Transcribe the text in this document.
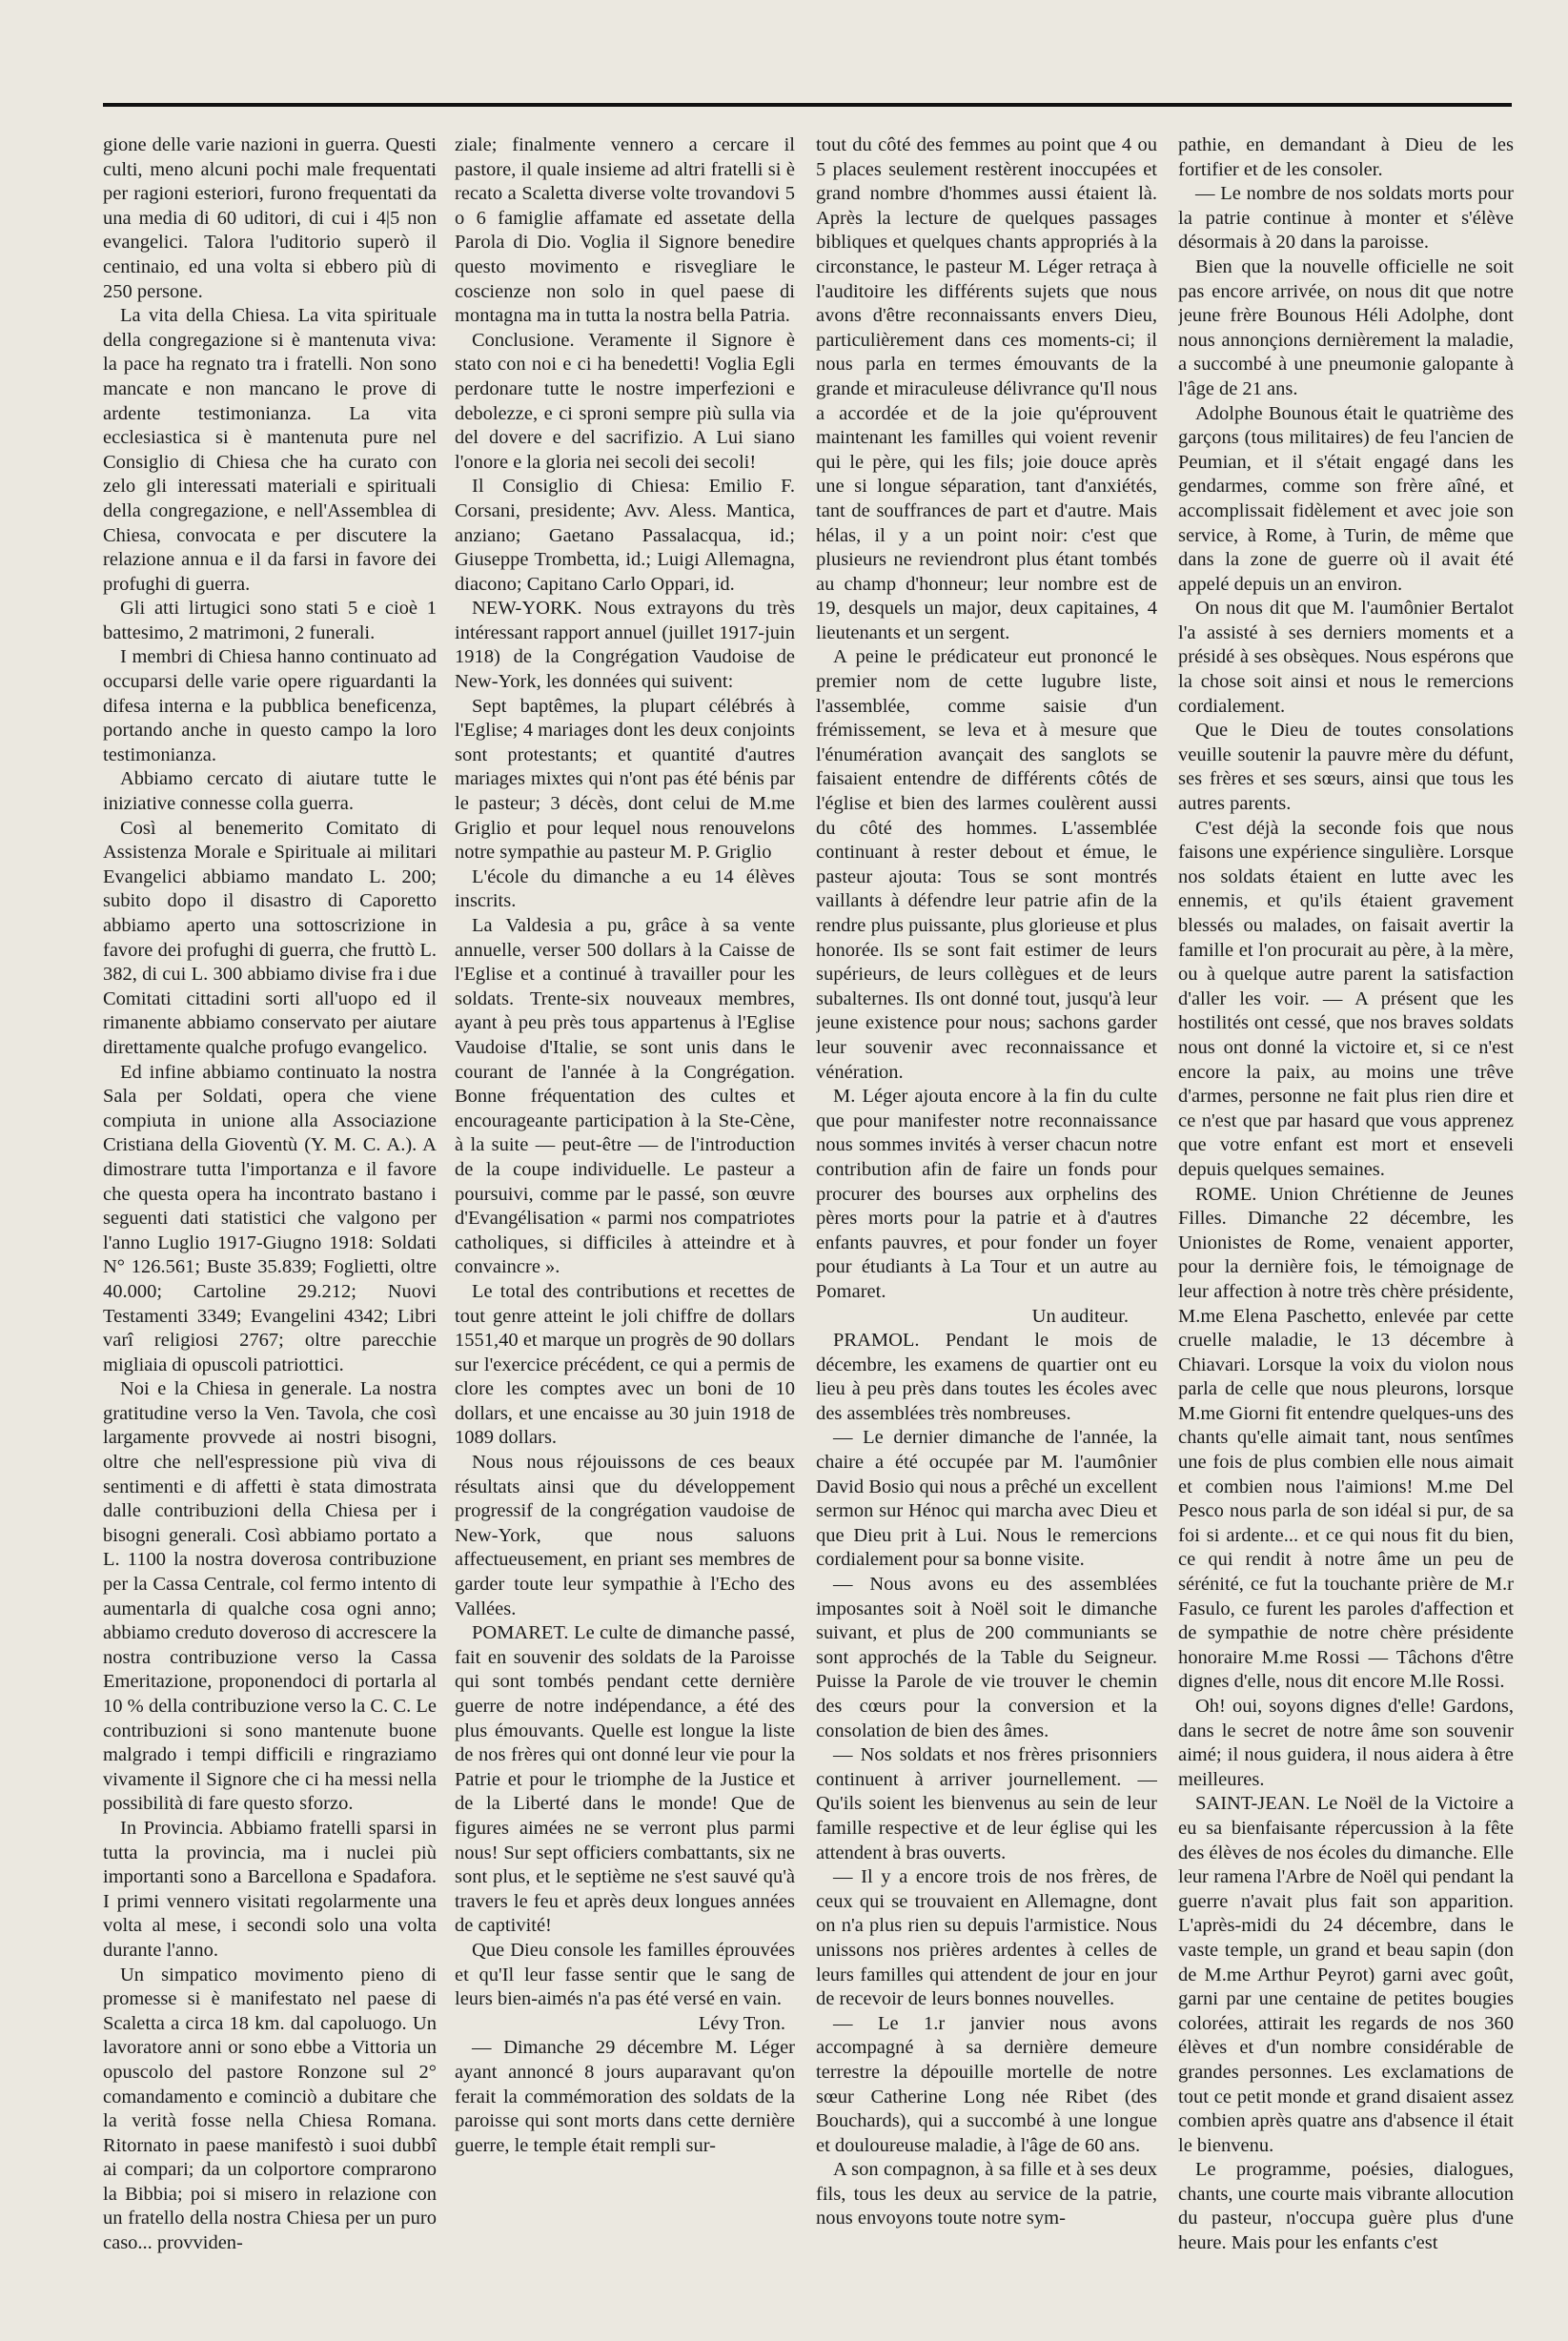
gione delle varie nazioni in guerra. Questi culti, meno alcuni pochi male frequentati per ragioni esteriori, furono frequentati da una media di 60 uditori, di cui i 4|5 non evangelici. Talora l'uditorio superò il centinaio, ed una volta si ebbero più di 250 persone.

La vita della Chiesa. La vita spirituale della congregazione si è mantenuta viva: la pace ha regnato tra i fratelli. Non sono mancate e non mancano le prove di ardente testimonianza. La vita ecclesiastica si è mantenuta pure nel Consiglio di Chiesa che ha curato con zelo gli interessati materiali e spirituali della congregazione, e nell'Assemblea di Chiesa, convocata e per discutere la relazione annua e il da farsi in favore dei profughi di guerra.

Gli atti lirtugici sono stati 5 e cioè 1 battesimo, 2 matrimoni, 2 funerali.

I membri di Chiesa hanno continuato ad occuparsi delle varie opere riguardanti la difesa interna e la pubblica beneficenza, portando anche in questo campo la loro testimonianza.

Abbiamo cercato di aiutare tutte le iniziative connesse colla guerra.

Così al benemerito Comitato di Assistenza Morale e Spirituale ai militari Evangelici abbiamo mandato L. 200; subito dopo il disastro di Caporetto abbiamo aperto una sottoscrizione in favore dei profughi di guerra, che fruttò L. 382, di cui L. 300 abbiamo divise fra i due Comitati cittadini sorti all'uopo ed il rimanente abbiamo conservato per aiutare direttamente qualche profugo evangelico.

Ed infine abbiamo continuato la nostra Sala per Soldati, opera che viene compiuta in unione alla Associazione Cristiana della Gioventù (Y. M. C. A.). A dimostrare tutta l'importanza e il favore che questa opera ha incontrato bastano i seguenti dati statistici che valgono per l'anno Luglio 1917-Giugno 1918: Soldati N° 126.561; Buste 35.839; Foglietti, oltre 40.000; Cartoline 29.212; Nuovi Testamenti 3349; Evangelini 4342; Libri varî religiosi 2767; oltre parecchie migliaia di opuscoli patriottici.

Noi e la Chiesa in generale. La nostra gratitudine verso la Ven. Tavola, che così largamente provvede ai nostri bisogni, oltre che nell'espressione più viva di sentimenti e di affetti è stata dimostrata dalle contribuzioni della Chiesa per i bisogni generali. Così abbiamo portato a L. 1100 la nostra doverosa contribuzione per la Cassa Centrale, col fermo intento di aumentarla di qualche cosa ogni anno; abbiamo creduto doveroso di accrescere la nostra contribuzione verso la Cassa Emeritazione, proponendoci di portarla al 10 % della contribuzione verso la C. C. Le contribuzioni si sono mantenute buone malgrado i tempi difficili e ringraziamo vivamente il Signore che ci ha messi nella possibilità di fare questo sforzo.

In Provincia. Abbiamo fratelli sparsi in tutta la provincia, ma i nuclei più importanti sono a Barcellona e Spadafora. I primi vennero visitati regolarmente una volta al mese, i secondi solo una volta durante l'anno.

Un simpatico movimento pieno di promesse si è manifestato nel paese di Scaletta a circa 18 km. dal capoluogo. Un lavoratore anni or sono ebbe a Vittoria un opuscolo del pastore Ronzone sul 2° comandamento e cominciò a dubitare che la verità fosse nella Chiesa Romana. Ritornato in paese manifestò i suoi dubbî ai compari; da un colportore comprarono la Bibbia; poi si misero in relazione con un fratello della nostra Chiesa per un puro caso... provviden-

ziale; finalmente vennero a cercare il pastore, il quale insieme ad altri fratelli si è recato a Scaletta diverse volte trovandovi 5 o 6 famiglie affamate ed assetate della Parola di Dio. Voglia il Signore benedire questo movimento e risvegliare le coscienze non solo in quel paese di montagna ma in tutta la nostra bella Patria.

Conclusione. Veramente il Signore è stato con noi e ci ha benedetti! Voglia Egli perdonare tutte le nostre imperfezioni e debolezze, e ci sproni sempre più sulla via del dovere e del sacrifizio. A Lui siano l'onore e la gloria nei secoli dei secoli!

Il Consiglio di Chiesa: Emilio F. Corsani, presidente; Avv. Aless. Mantica, anziano; Gaetano Passalacqua, id.; Giuseppe Trombetta, id.; Luigi Allemagna, diacono; Capitano Carlo Oppari, id.

NEW-YORK. Nous extrayons du très intéressant rapport annuel (juillet 1917-juin 1918) de la Congrégation Vaudoise de New-York, les données qui suivent:

Sept baptêmes, la plupart célébrés à l'Eglise; 4 mariages dont les deux conjoints sont protestants; et quantité d'autres mariages mixtes qui n'ont pas été bénis par le pasteur; 3 décès, dont celui de M.me Griglio et pour lequel nous renouvelons notre sympathie au pasteur M. P. Griglio

L'école du dimanche a eu 14 élèves inscrits.

La Valdesia a pu, grâce à sa vente annuelle, verser 500 dollars à la Caisse de l'Eglise et a continué à travailler pour les soldats. Trente-six nouveaux membres, ayant à peu près tous appartenus à l'Eglise Vaudoise d'Italie, se sont unis dans le courant de l'année à la Congrégation. Bonne fréquentation des cultes et encourageante participation à la Ste-Cène, à la suite — peut-être — de l'introduction de la coupe individuelle. Le pasteur a poursuivi, comme par le passé, son œuvre d'Evangélisation « parmi nos compatriotes catholiques, si difficiles à atteindre et à convaincre ».

Le total des contributions et recettes de tout genre atteint le joli chiffre de dollars 1551,40 et marque un progrès de 90 dollars sur l'exercice précédent, ce qui a permis de clore les comptes avec un boni de 10 dollars, et une encaisse au 30 juin 1918 de 1089 dollars.

Nous nous réjouissons de ces beaux résultats ainsi que du développement progressif de la congrégation vaudoise de New-York, que nous saluons affectueusement, en priant ses membres de garder toute leur sympathie à l'Echo des Vallées.

POMARET. Le culte de dimanche passé, fait en souvenir des soldats de la Paroisse qui sont tombés pendant cette dernière guerre de notre indépendance, a été des plus émouvants. Quelle est longue la liste de nos frères qui ont donné leur vie pour la Patrie et pour le triomphe de la Justice et de la Liberté dans le monde! Que de figures aimées ne se verront plus parmi nous! Sur sept officiers combattants, six ne sont plus, et le septième ne s'est sauvé qu'à travers le feu et après deux longues années de captivité!

Que Dieu console les familles éprouvées et qu'Il leur fasse sentir que le sang de leurs bien-aimés n'a pas été versé en vain.

Lévy Tron.

— Dimanche 29 décembre M. Léger ayant annoncé 8 jours auparavant qu'on ferait la commémoration des soldats de la paroisse qui sont morts dans cette dernière guerre, le temple était rempli sur-

tout du côté des femmes au point que 4 ou 5 places seulement restèrent inoccupées et grand nombre d'hommes aussi étaient là. Après la lecture de quelques passages bibliques et quelques chants appropriés à la circonstance, le pasteur M. Léger retraça à l'auditoire les différents sujets que nous avons d'être reconnaissants envers Dieu, particulièrement dans ces moments-ci; il nous parla en termes émouvants de la grande et miraculeuse délivrance qu'Il nous a accordée et de la joie qu'éprouvent maintenant les familles qui voient revenir qui le père, qui les fils; joie douce après une si longue séparation, tant d'anxiétés, tant de souffrances de part et d'autre. Mais hélas, il y a un point noir: c'est que plusieurs ne reviendront plus étant tombés au champ d'honneur; leur nombre est de 19, desquels un major, deux capitaines, 4 lieutenants et un sergent.

A peine le prédicateur eut prononcé le premier nom de cette lugubre liste, l'assemblée, comme saisie d'un frémissement, se leva et à mesure que l'énumération avançait des sanglots se faisaient entendre de différents côtés de l'église et bien des larmes coulèrent aussi du côté des hommes. L'assemblée continuant à rester debout et émue, le pasteur ajouta: Tous se sont montrés vaillants à défendre leur patrie afin de la rendre plus puissante, plus glorieuse et plus honorée. Ils se sont fait estimer de leurs supérieurs, de leurs collègues et de leurs subalternes. Ils ont donné tout, jusqu'à leur jeune existence pour nous; sachons garder leur souvenir avec reconnaissance et vénération.

M. Léger ajouta encore à la fin du culte que pour manifester notre reconnaissance nous sommes invités à verser chacun notre contribution afin de faire un fonds pour procurer des bourses aux orphelins des pères morts pour la patrie et à d'autres enfants pauvres, et pour fonder un foyer pour étudiants à La Tour et un autre au Pomaret.

Un auditeur.

PRAMOL. Pendant le mois de décembre, les examens de quartier ont eu lieu à peu près dans toutes les écoles avec des assemblées très nombreuses.

— Le dernier dimanche de l'année, la chaire a été occupée par M. l'aumônier David Bosio qui nous a prêché un excellent sermon sur Hénoc qui marcha avec Dieu et que Dieu prit à Lui. Nous le remercions cordialement pour sa bonne visite.

— Nous avons eu des assemblées imposantes soit à Noël soit le dimanche suivant, et plus de 200 communiants se sont approchés de la Table du Seigneur. Puisse la Parole de vie trouver le chemin des cœurs pour la conversion et la consolation de bien des âmes.

— Nos soldats et nos frères prisonniers continuent à arriver journellement. — Qu'ils soient les bienvenus au sein de leur famille respective et de leur église qui les attendent à bras ouverts.

— Il y a encore trois de nos frères, de ceux qui se trouvaient en Allemagne, dont on n'a plus rien su depuis l'armistice. Nous unissons nos prières ardentes à celles de leurs familles qui attendent de jour en jour de recevoir de leurs bonnes nouvelles.

— Le 1.r janvier nous avons accompagné à sa dernière demeure terrestre la dépouille mortelle de notre sœur Catherine Long née Ribet (des Bouchards), qui a succombé à une longue et douloureuse maladie, à l'âge de 60 ans.

A son compagnon, à sa fille et à ses deux fils, tous les deux au service de la patrie, nous envoyons toute notre sym-

pathie, en demandant à Dieu de les fortifier et de les consoler.

— Le nombre de nos soldats morts pour la patrie continue à monter et s'élève désormais à 20 dans la paroisse.

Bien que la nouvelle officielle ne soit pas encore arrivée, on nous dit que notre jeune frère Bounous Héli Adolphe, dont nous annonçions dernièrement la maladie, a succombé à une pneumonie galopante à l'âge de 21 ans.

Adolphe Bounous était le quatrième des garçons (tous militaires) de feu l'ancien de Peumian, et il s'était engagé dans les gendarmes, comme son frère aîné, et accomplissait fidèlement et avec joie son service, à Rome, à Turin, de même que dans la zone de guerre où il avait été appelé depuis un an environ.

On nous dit que M. l'aumônier Bertalot l'a assisté à ses derniers moments et a présidé à ses obsèques. Nous espérons que la chose soit ainsi et nous le remercions cordialement.

Que le Dieu de toutes consolations veuille soutenir la pauvre mère du défunt, ses frères et ses sœurs, ainsi que tous les autres parents.

C'est déjà la seconde fois que nous faisons une expérience singulière. Lorsque nos soldats étaient en lutte avec les ennemis, et qu'ils étaient gravement blessés ou malades, on faisait avertir la famille et l'on procurait au père, à la mère, ou à quelque autre parent la satisfaction d'aller les voir. — A présent que les hostilités ont cessé, que nos braves soldats nous ont donné la victoire et, si ce n'est encore la paix, au moins une trêve d'armes, personne ne fait plus rien dire et ce n'est que par hasard que vous apprenez que votre enfant est mort et enseveli depuis quelques semaines.

ROME. Union Chrétienne de Jeunes Filles. Dimanche 22 décembre, les Unionistes de Rome, venaient apporter, pour la dernière fois, le témoignage de leur affection à notre très chère présidente, M.me Elena Paschetto, enlevée par cette cruelle maladie, le 13 décembre à Chiavari. Lorsque la voix du violon nous parla de celle que nous pleurons, lorsque M.me Giorni fit entendre quelques-uns des chants qu'elle aimait tant, nous sentîmes une fois de plus combien elle nous aimait et combien nous l'aimions! M.me Del Pesco nous parla de son idéal si pur, de sa foi si ardente... et ce qui nous fit du bien, ce qui rendit à notre âme un peu de sérénité, ce fut la touchante prière de M.r Fasulo, ce furent les paroles d'affection et de sympathie de notre chère présidente honoraire M.me Rossi — Tâchons d'être dignes d'elle, nous dit encore M.lle Rossi.

Oh! oui, soyons dignes d'elle! Gardons, dans le secret de notre âme son souvenir aimé; il nous guidera, il nous aidera à être meilleures.

SAINT-JEAN. Le Noël de la Victoire a eu sa bienfaisante répercussion à la fête des élèves de nos écoles du dimanche. Elle leur ramena l'Arbre de Noël qui pendant la guerre n'avait plus fait son apparition. L'après-midi du 24 décembre, dans le vaste temple, un grand et beau sapin (don de M.me Arthur Peyrot) garni avec goût, garni par une centaine de petites bougies colorées, attirait les regards de nos 360 élèves et d'un nombre considérable de grandes personnes. Les exclamations de tout ce petit monde et grand disaient assez combien après quatre ans d'absence il était le bienvenu.

Le programme, poésies, dialogues, chants, une courte mais vibrante allocution du pasteur, n'occupa guère plus d'une heure. Mais pour les enfants c'est
